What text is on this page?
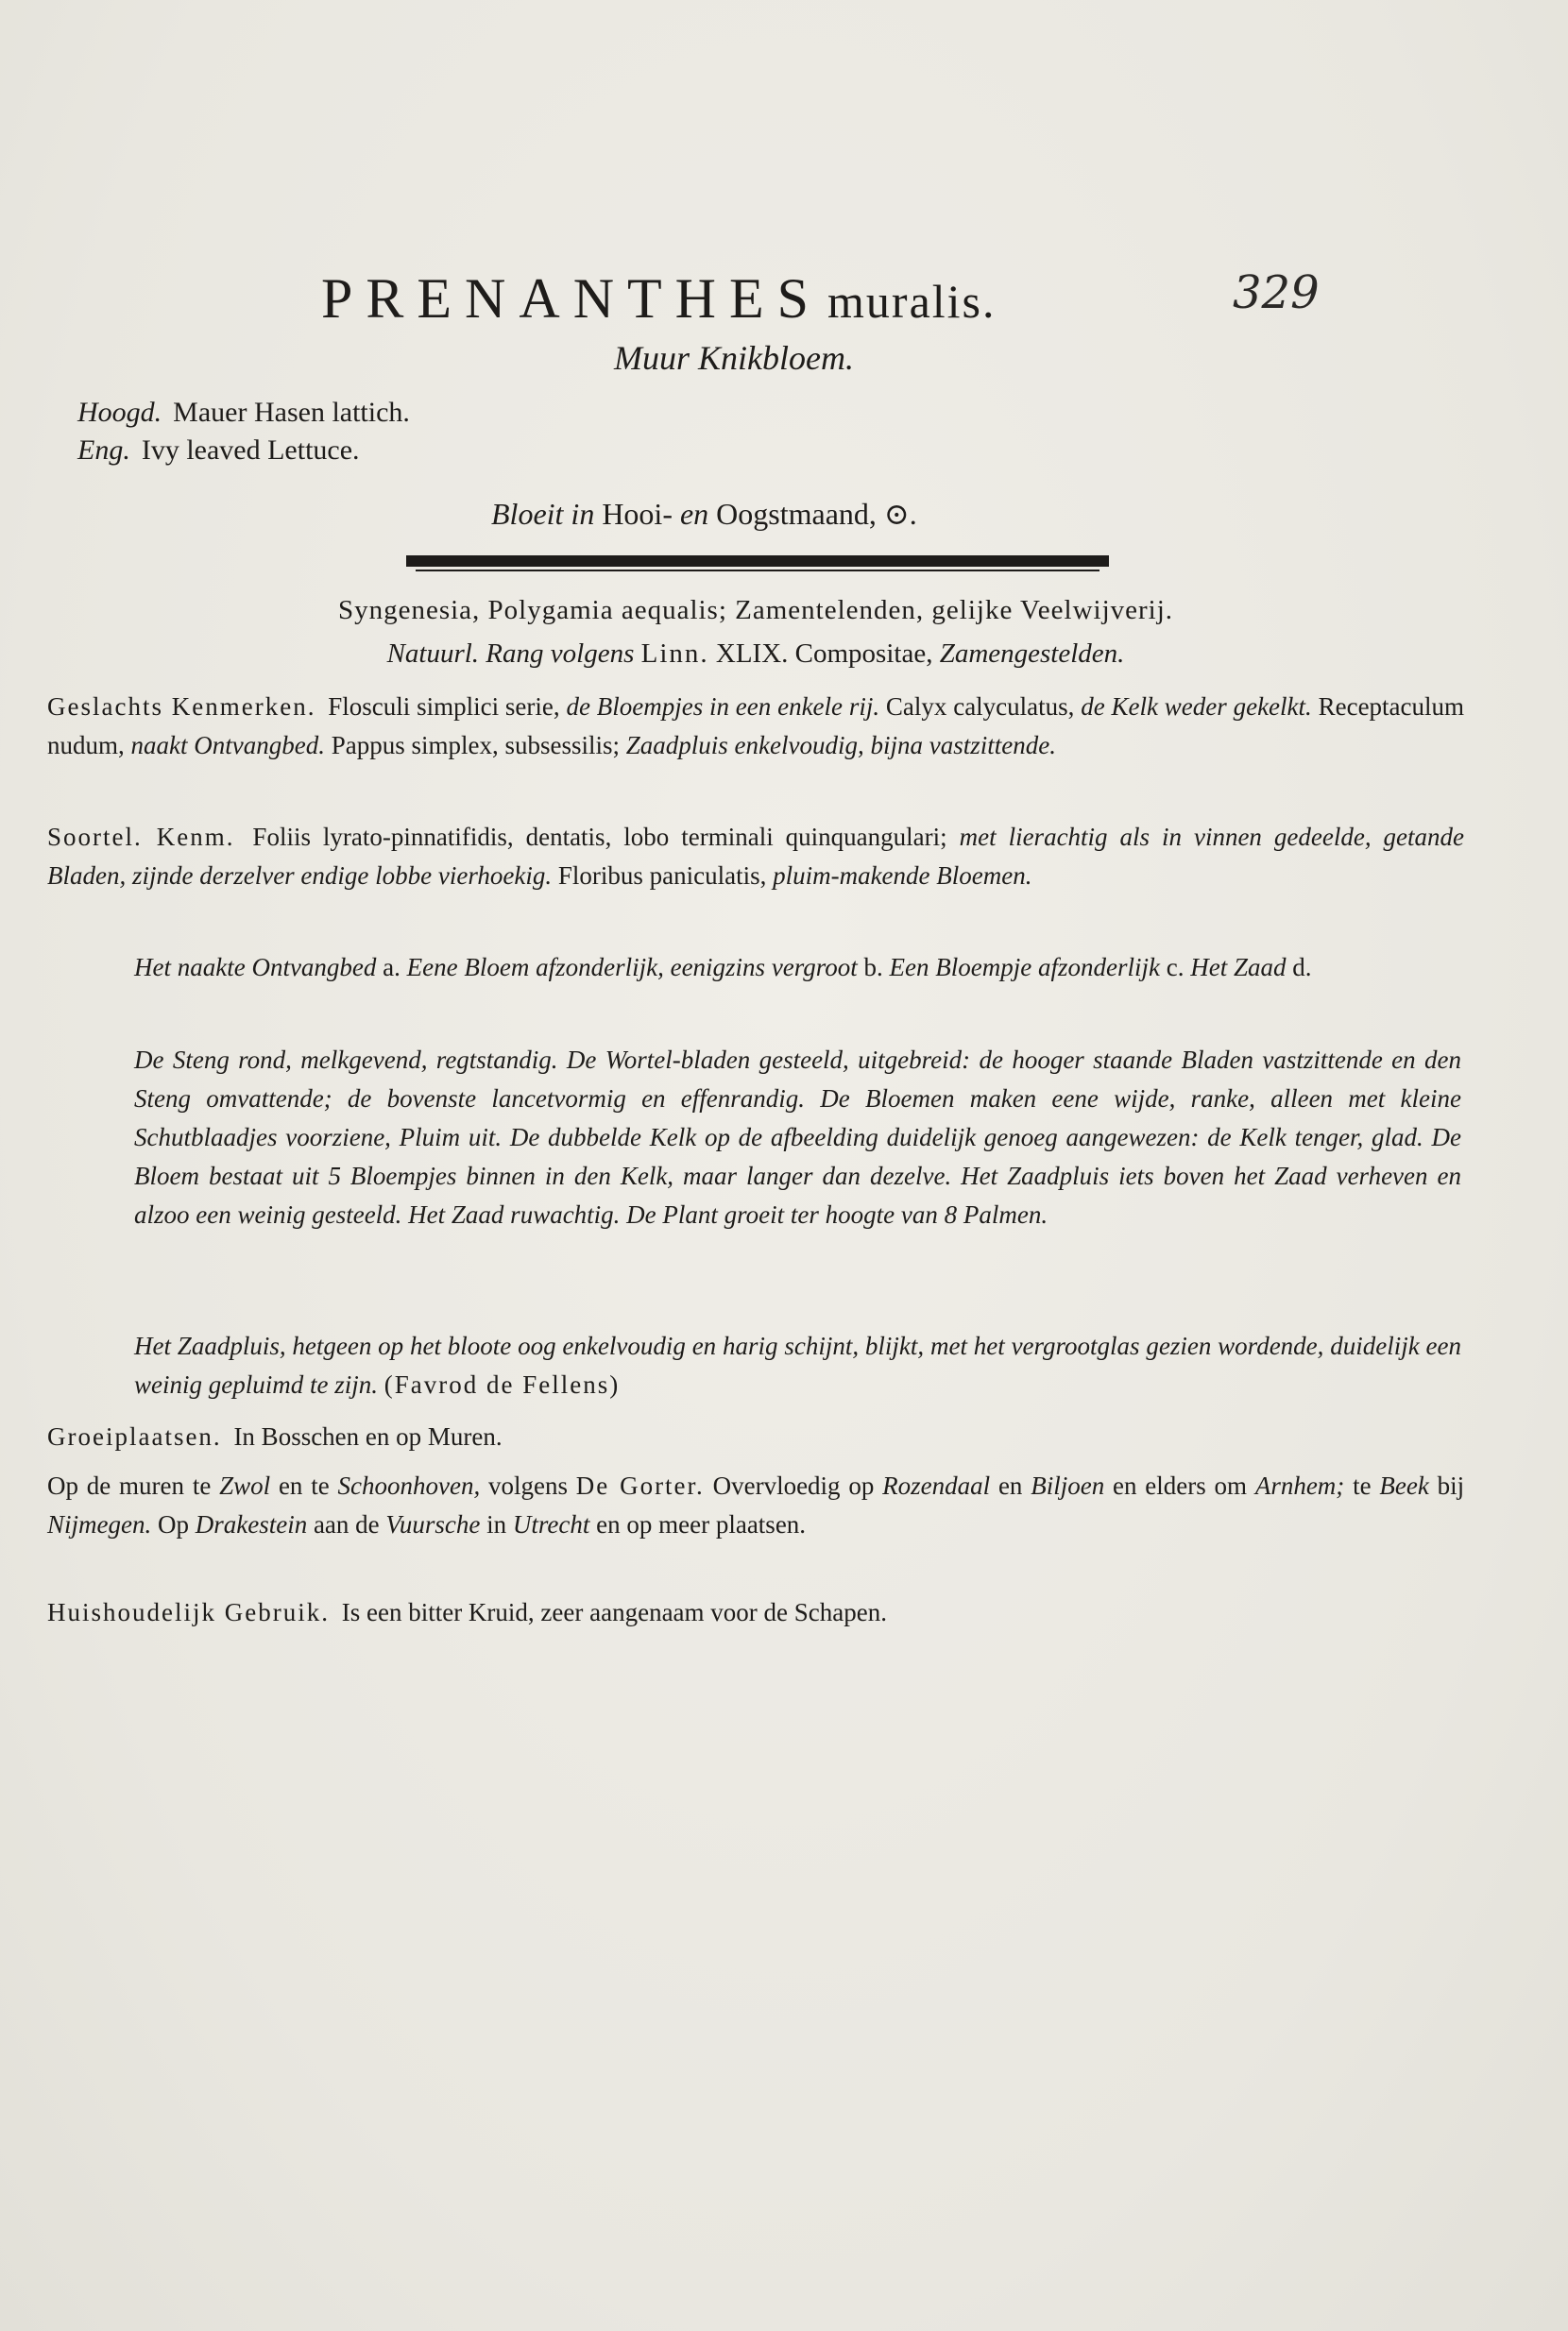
PRENANTHES muralis.	329
Muur Knikbloem.
Hoogd. Mauer Hasen lattich.
Eng. Ivy leaved Lettuce.
Bloeit in Hooi- en Oogstmaand, ⊙.
Syngenesia, Polygamia aequalis; Zamentelenden, gelijke Veelwijverij.
Natuurl. Rang volgens Linn. XLIX. Compositae, Zamengestelden.
Geslachts Kenmerken. Flosculi simplici serie, de Bloempjes in een enkele rij. Calyx calyculatus, de Kelk weder gekelkt. Receptaculum nudum, naakt Ontvangbed. Pappus simplex, subsessilis; Zaadpluis enkelvoudig, bijna vastzittende.
Soortel. Kenm. Foliis lyrato-pinnatifidis, dentatis, lobo terminali quinquangulari; met lierachtig als in vinnen gedeelde, getande Bladen, zijnde derzelver endige lobbe vierhoekig. Floribus paniculatis, pluim-makende Bloemen.
Het naakte Ontvangbed a. Eene Bloem afzonderlijk, eenigzins vergroot b. Een Bloempje afzonderlijk c. Het Zaad d.
De Steng rond, melkgevend, regtstandig. De Wortel-bladen gesteeld, uitgebreid: de hooger staande Bladen vastzittende en den Steng omvattende; de bovenste lancetvormig en effenrandig. De Bloemen maken eene wijde, ranke, alleen met kleine Schutblaadjes voorziene, Pluim uit. De dubbelde Kelk op de afbeelding duidelijk genoeg aangewezen: de Kelk tenger, glad. De Bloem bestaat uit 5 Bloempjes binnen in den Kelk, maar langer dan dezelve. Het Zaadpluis iets boven het Zaad verheven en alzoo een weinig gesteeld. Het Zaad ruwachtig. De Plant groeit ter hoogte van 8 Palmen.
Het Zaadpluis, hetgeen op het bloote oog enkelvoudig en harig schijnt, blijkt, met het vergrootglas gezien wordende, duidelijk een weinig gepluimd te zijn. (Favrod de Fellens)
Groeiplaatsen. In Bosschen en op Muren.
Op de muren te Zwol en te Schoonhoven, volgens De Gorter. Overvloedig op Rozendaal en Biljoen en elders om Arnhem; te Beek bij Nijmegen. Op Drakestein aan de Vuursche in Utrecht en op meer plaatsen.
Huishoudelijk Gebruik. Is een bitter Kruid, zeer aangenaam voor de Schapen.
